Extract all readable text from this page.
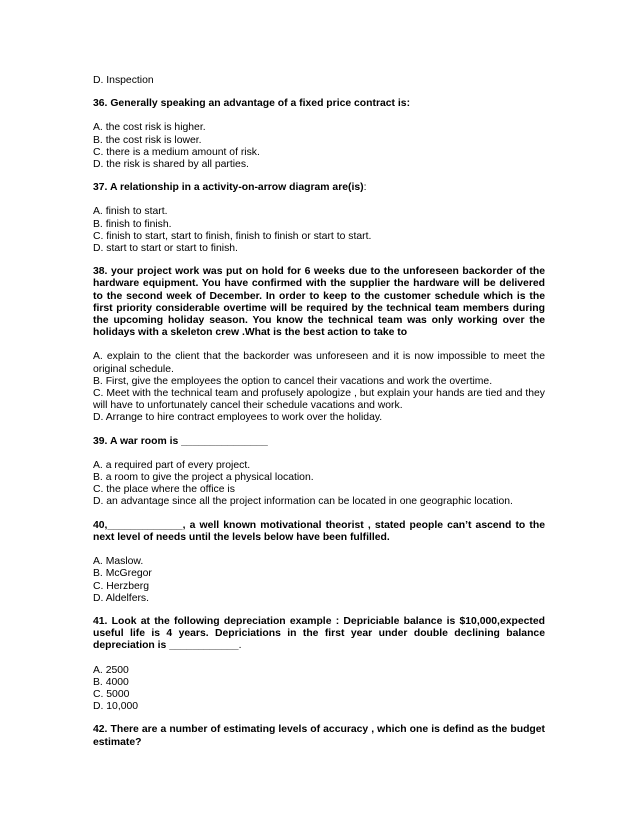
D. Inspection
36. Generally speaking an advantage of a fixed price contract is:
A. the cost risk is higher.
B. the cost risk is lower.
C. there is a medium amount of risk.
D. the risk is shared by all parties.
37. A relationship in a activity-on-arrow diagram are(is):
A. finish to start.
B. finish to finish.
C. finish to start, start to finish, finish to finish or start to start.
D. start to start or start to finish.
38. your project work was put on hold for 6 weeks due to the unforeseen backorder of the hardware equipment. You have confirmed with the supplier the hardware will be delivered to the second week of December. In order to keep to the customer schedule which is the first priority considerable overtime will be required by the technical team members during the upcoming holiday season. You know the technical team was only working over the holidays with a skeleton crew .What is the best action to take to
A. explain to the client that the backorder was unforeseen and it is now impossible to meet the original schedule.
B. First, give the employees the option to cancel their vacations and work the overtime.
C. Meet with the technical team and profusely apologize , but explain your hands are tied and they will have to unfortunately cancel their schedule vacations and work.
D. Arrange to hire contract employees to work over the holiday.
39. A war room is _______________
A. a required part of every project.
B. a room to give the project a physical location.
C. the place where the office is
D. an advantage since all the project information can be located in one geographic location.
40,_____________, a well known motivational theorist , stated people can’t ascend to the next level of needs until the levels below have been fulfilled.
A. Maslow.
B. McGregor
C. Herzberg
D. Aldelfers.
41. Look at the following depreciation example : Depriciable balance is $10,000,expected useful life is 4 years. Depriciations in the first year under double declining balance depreciation is ____________.
A. 2500
B. 4000
C. 5000
D. 10,000
42. There are a number of estimating levels of accuracy , which one is defind as the budget estimate?
